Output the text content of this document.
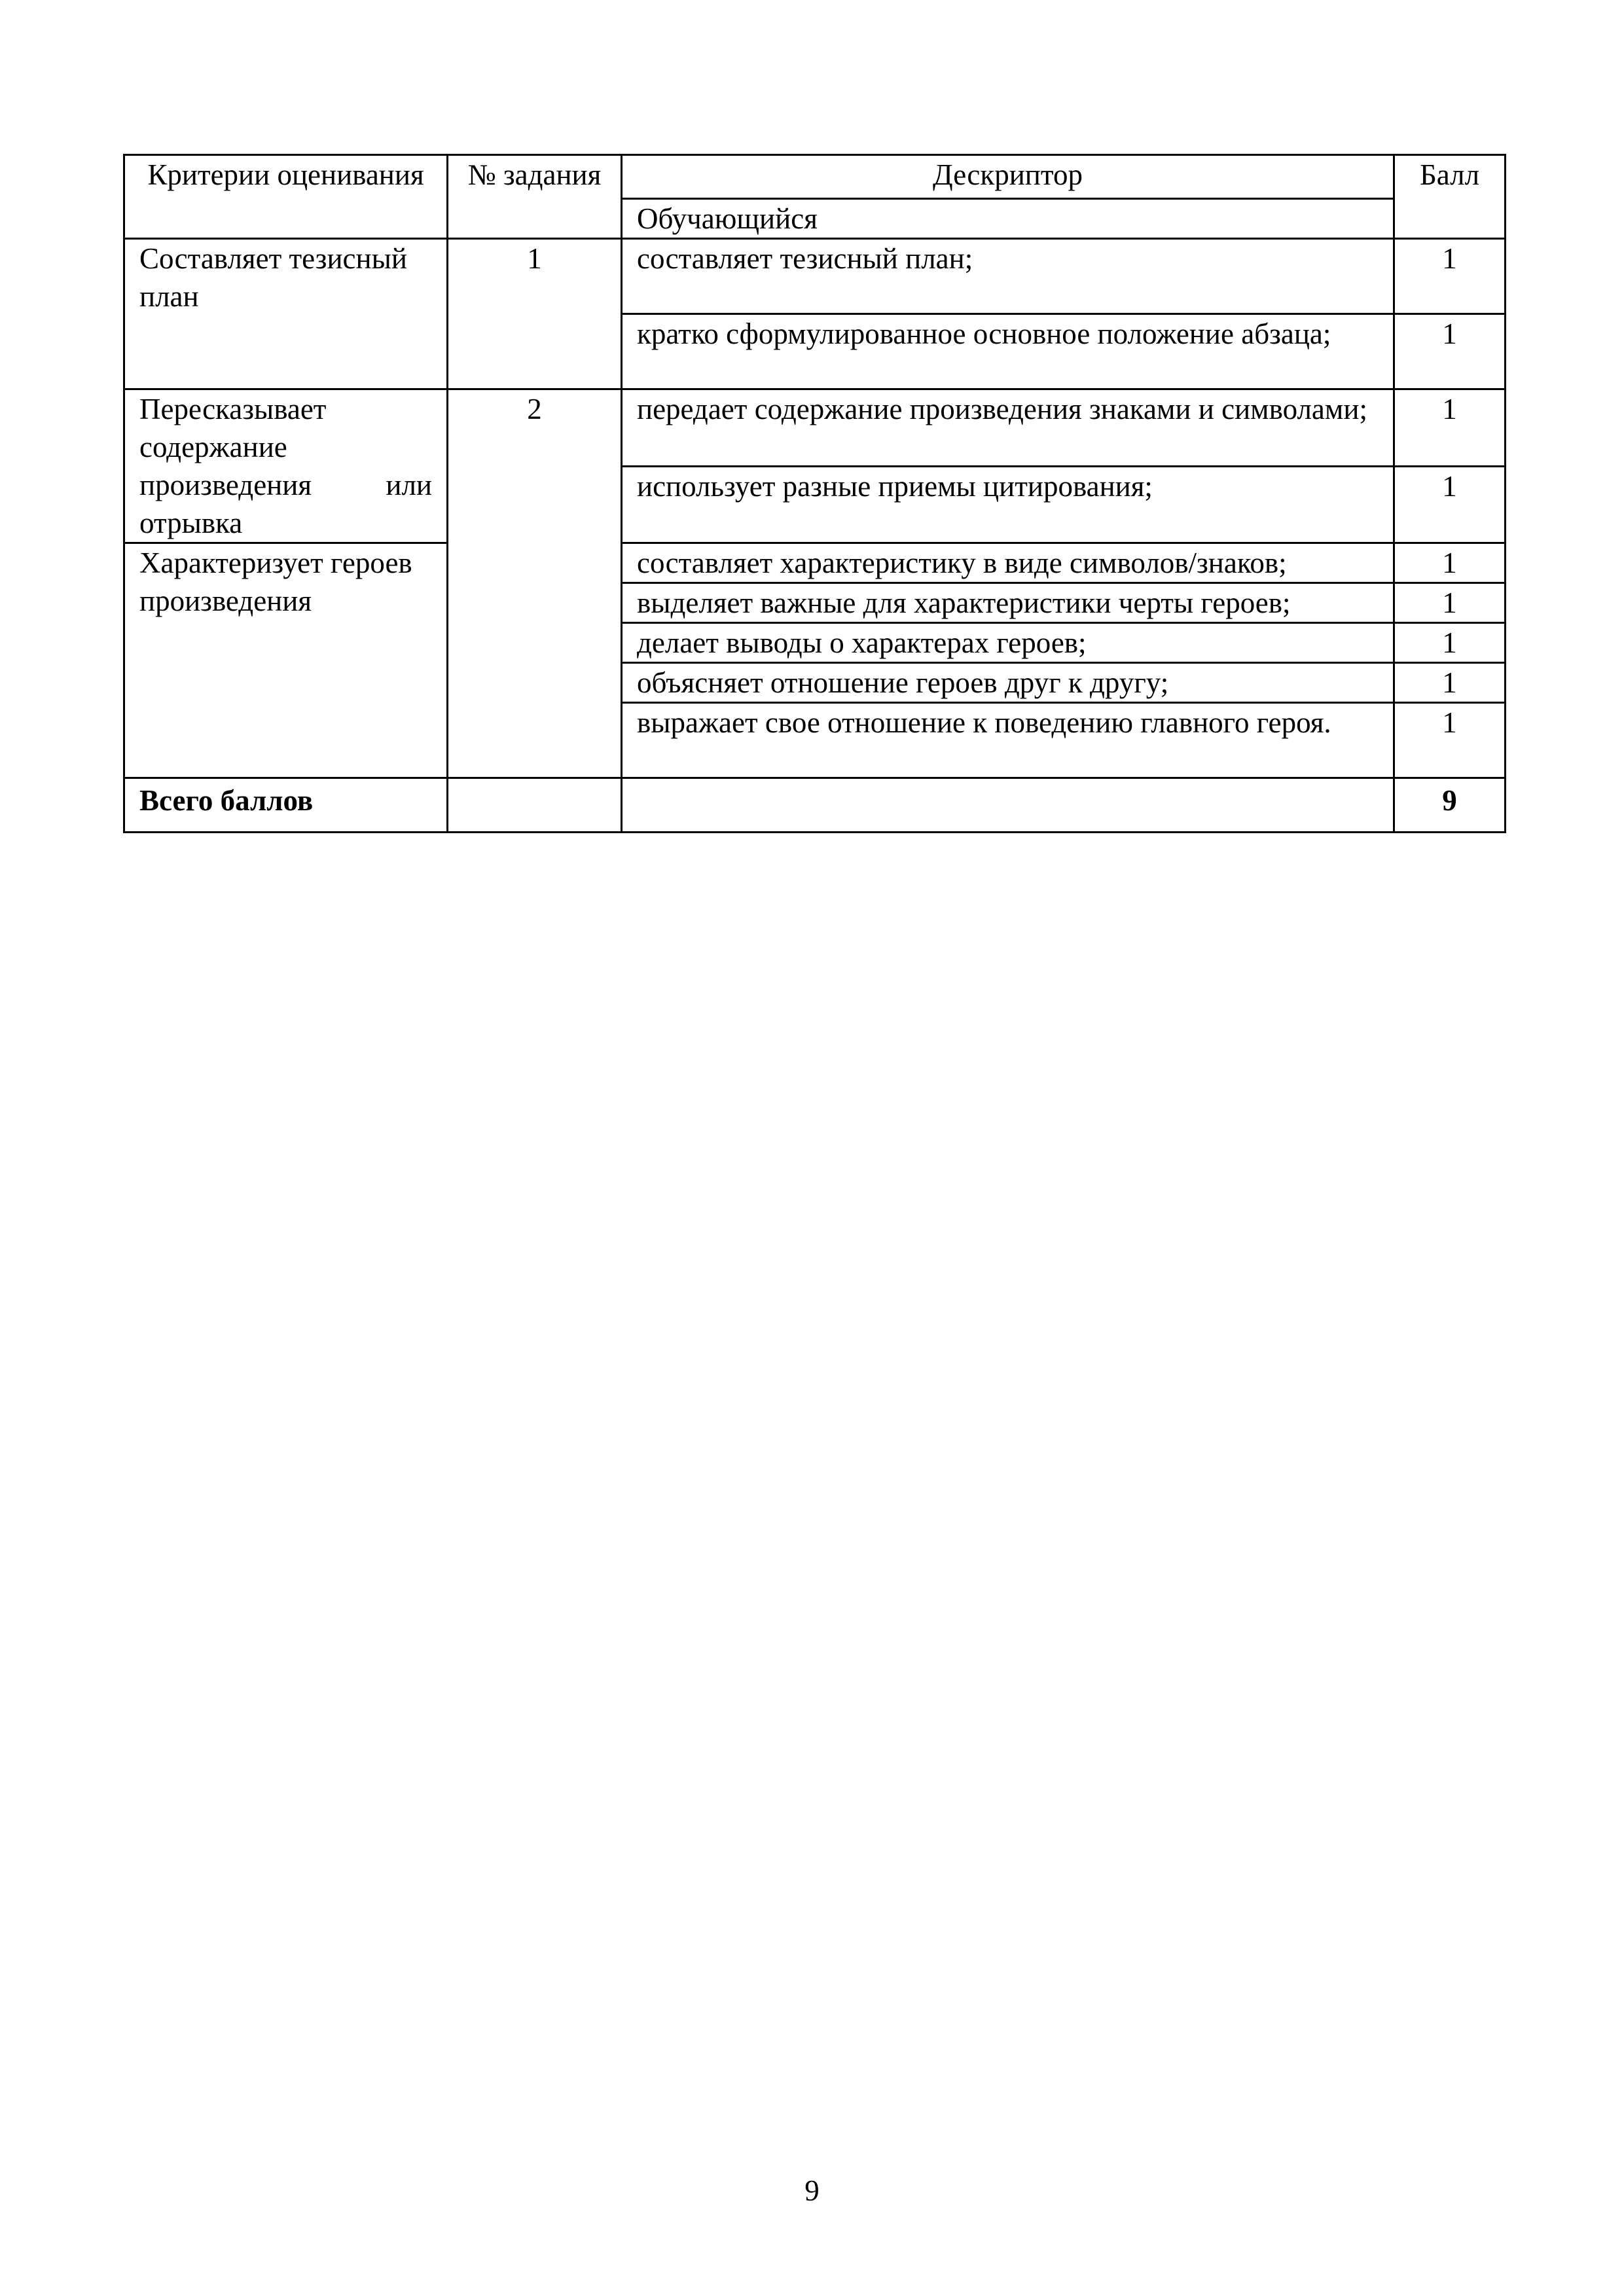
Критерии оценивания	№ задания	Дескриптор	Балл
		Обучающийся	
Составляет тезисный план	1	составляет тезисный план;	1
		кратко сформулированное основное положение абзаца;	1
Пересказывает содержание произведения или отрывка	2	передает содержание произведения знаками и символами;	1
		использует разные приемы цитирования;	1
Характеризует героев произведения		составляет характеристику в виде символов/знаков;	1
		выделяет важные для характеристики черты героев;	1
		делает выводы о характерах героев;	1
		объясняет отношение героев друг к другу;	1
		выражает свое отношение к поведению главного героя.	1
Всего баллов			9
9
